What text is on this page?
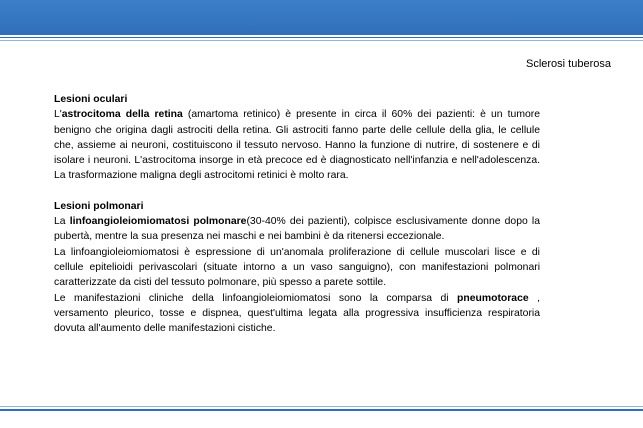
Sclerosi tuberosa

Lesioni oculari

L'astrocitoma della retina (amartoma retinico) è presente in circa il 60% dei pazienti: è un tumore benigno che origina dagli astrociti della retina. Gli astrociti fanno parte delle cellule della glia, le cellule che, assieme ai neuroni, costituiscono il tessuto nervoso. Hanno la funzione di nutrire, di sostenere e di isolare i neuroni. L'astrocitoma insorge in età precoce ed è diagnosticato nell'infanzia e nell'adolescenza. La trasformazione maligna degli astrocitomi retinici è molto rara.

Lesioni polmonari

La linfoangioleiomiomatosi polmonare(30-40% dei pazienti), colpisce esclusivamente donne dopo la pubertà, mentre la sua presenza nei maschi e nei bambini è da ritenersi eccezionale.

La linfoangioleiomiomatosi è espressione di un'anomala proliferazione di cellule muscolari lisce e di cellule epitelioidi perivascolari (situate intorno a un vaso sanguigno), con manifestazioni polmonari caratterizzate da cisti del tessuto polmonare, più spesso a parete sottile.

Le manifestazioni cliniche della linfoangioleiomiomatosi sono la comparsa di pneumotorace , versamento pleurico, tosse e dispnea, quest'ultima legata alla progressiva insufficienza respiratoria dovuta all'aumento delle manifestazioni cistiche.
